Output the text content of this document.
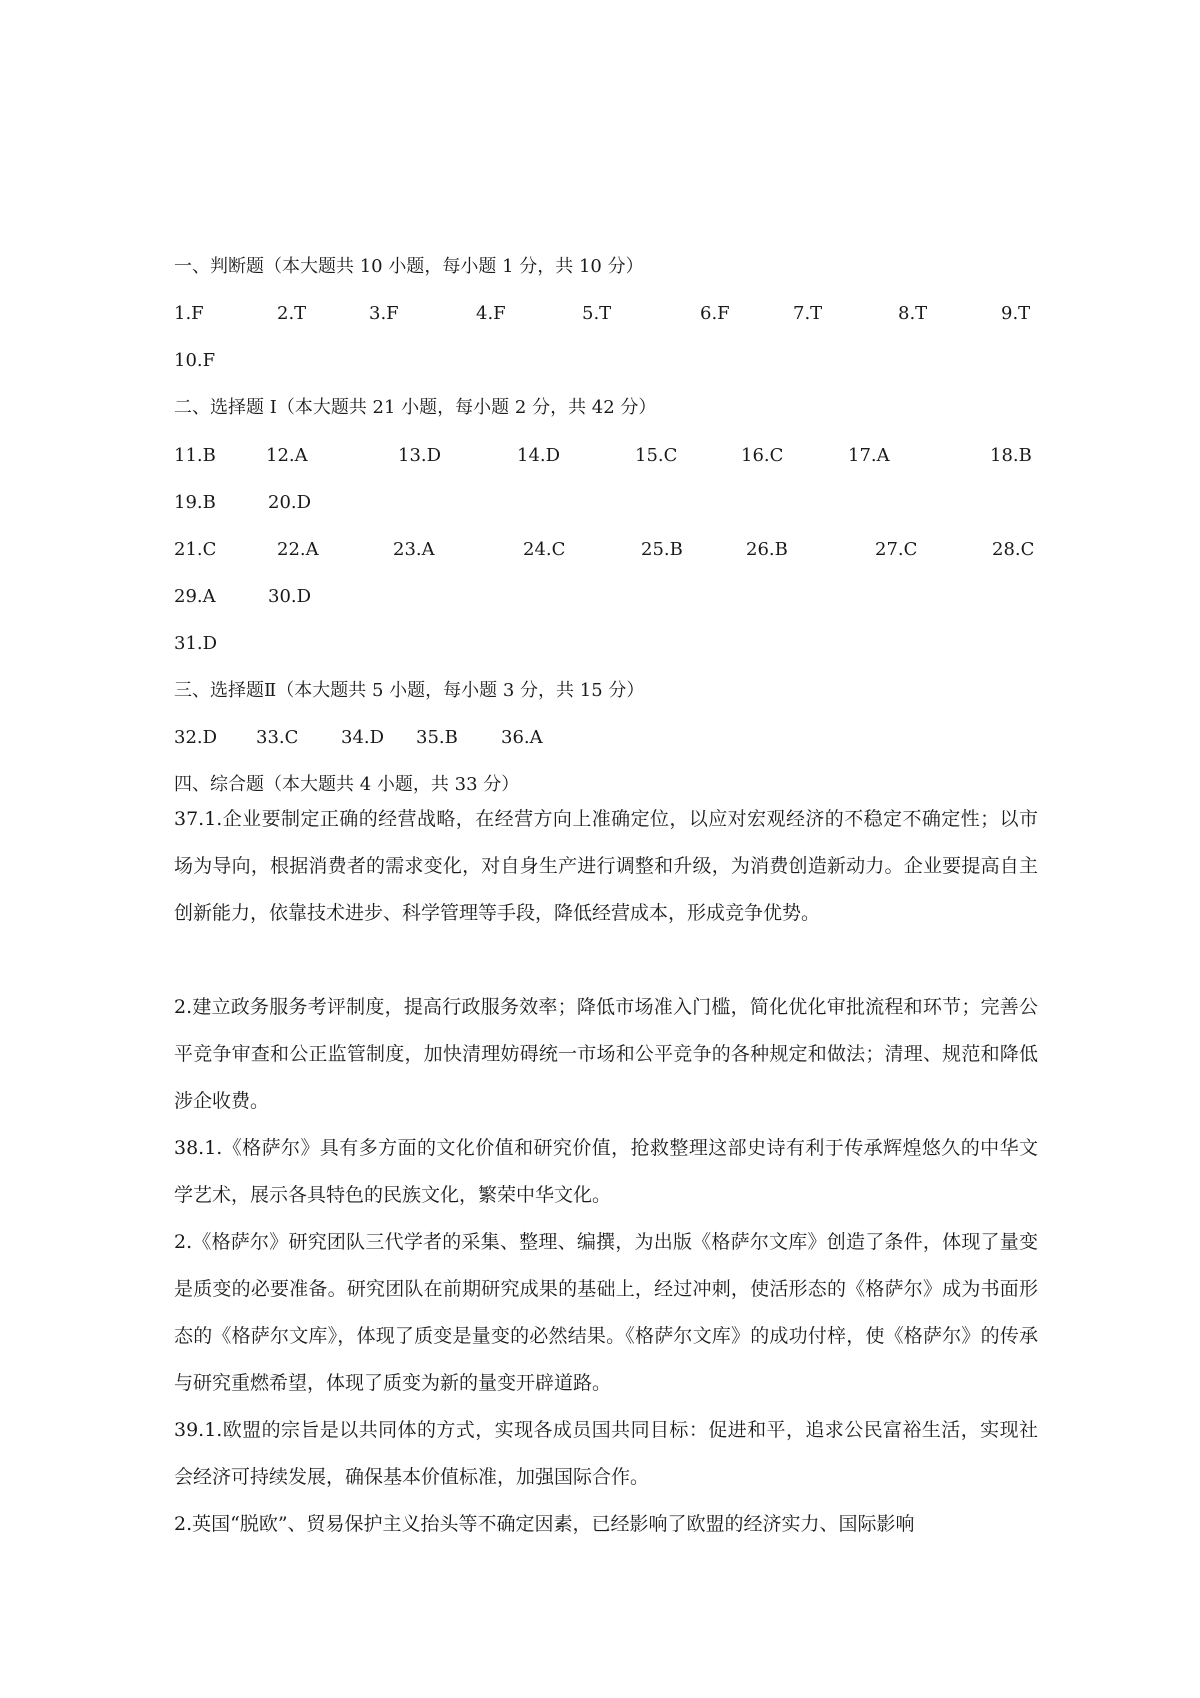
一、判断题（本大题共 10 小题，每小题 1 分，共 10 分）
1.F	2.T	3.F	4.F	5.T	6.F	7.T	8.T	9.T
10.F
二、选择题 I（本大题共 21 小题，每小题 2 分，共 42 分）
11.B	12.A	13.D	14.D	15.C	16.C	17.A	18.B
19.B	20.D
21.C	22.A	23.A	24.C	25.B	26.B	27.C	28.C
29.A	30.D
31.D
三、选择题Ⅱ（本大题共 5 小题，每小题 3 分，共 15 分）
32.D 33.C 34.D 35.B 36.A
四、综合题（本大题共 4 小题，共 33 分）
37.1.企业要制定正确的经营战略，在经营方向上准确定位，以应对宏观经济的不稳定不确定性；以市场为导向，根据消费者的需求变化，对自身生产进行调整和升级，为消费创造新动力。企业要提高自主创新能力，依靠技术进步、科学管理等手段，降低经营成本，形成竞争优势。
2.建立政务服务考评制度，提高行政服务效率；降低市场准入门槛，简化优化审批流程和环节；完善公平竞争审查和公正监管制度，加快清理妨碍统一市场和公平竞争的各种规定和做法；清理、规范和降低涉企收费。
38.1.《格萨尔》具有多方面的文化价值和研究价值，抢救整理这部史诗有利于传承辉煌悠久的中华文学艺术，展示各具特色的民族文化，繁荣中华文化。
2.《格萨尔》研究团队三代学者的采集、整理、编撰，为出版《格萨尔文库》创造了条件，体现了量变是质变的必要准备。研究团队在前期研究成果的基础上，经过冲刺，使活形态的《格萨尔》成为书面形态的《格萨尔文库》，体现了质变是量变的必然结果。《格萨尔文库》的成功付梓，使《格萨尔》的传承与研究重燃希望，体现了质变为新的量变开辟道路。
39.1.欧盟的宗旨是以共同体的方式，实现各成员国共同目标：促进和平，追求公民富裕生活，实现社会经济可持续发展，确保基本价值标准，加强国际合作。
2.英国“脱欧”、贸易保护主义抬头等不确定因素，已经影响了欧盟的经济实力、国际影响
